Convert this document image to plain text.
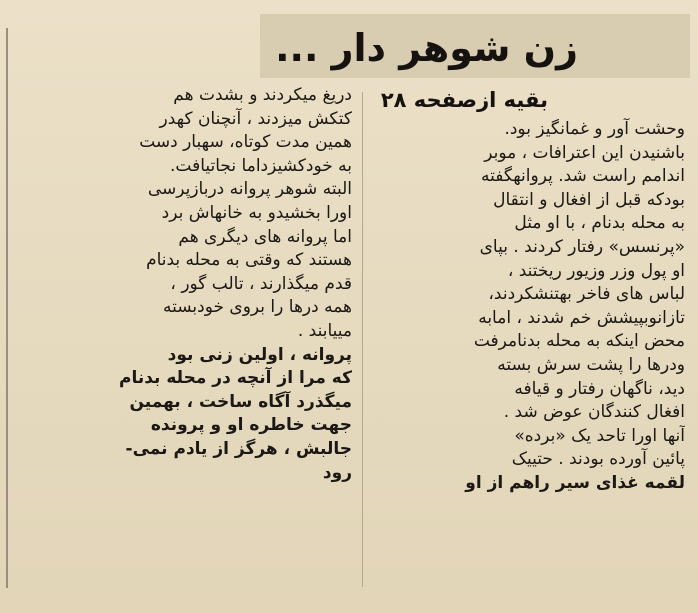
زن شوهر دار ...
بقیه ازصفحه ۲۸
وحشت آور و غمانگیز بود.
باشنیدن این اعترافات ، موبر
اندامم راست شد. پروانهگفته
بودکه قبل از افغال و انتقال
به محله بدنام ، با او مثل
«پرنسس» رفتار کردند . بپای
او پول وزر وزیور ریختند ،
لباس های فاخر بهتنشکردند،
تازانوبپیشش خم شدند ، امابه
محض اینکه به محله بدنامرفت
ودرها را پشت سرش بسته
دید، ناگهان رفتار و قیافه
افغال کنندگان عوض شد .
آنها اورا تاحد یک «برده»
پائین آورده بودند . حتییک
لقمه غذای سیر راهم از او
دریغ میکردند و بشدت هم
کتکش میزدند ، آنچنان کهدر
همین مدت کوتاه، سهبار دست
به خودکشیزداما نجاتیافت.
البته شوهر پروانه دربازپرسی
اورا بخشیدو به خانهاش برد
اما پروانه های دیگری هم
هستند که وقتی به محله بدنام
قدم میگذارند ، تالب گور ،
همه درها را بروی خودبسته
مییابند .
پروانه ، اولین زنی بود
که مرا از آنچه در محله بدنام
میگذرد آگاه ساخت ، بهمین
جهت خاطره او و پرونده
جالبش ، هرگز از یادم نمی-
رود
